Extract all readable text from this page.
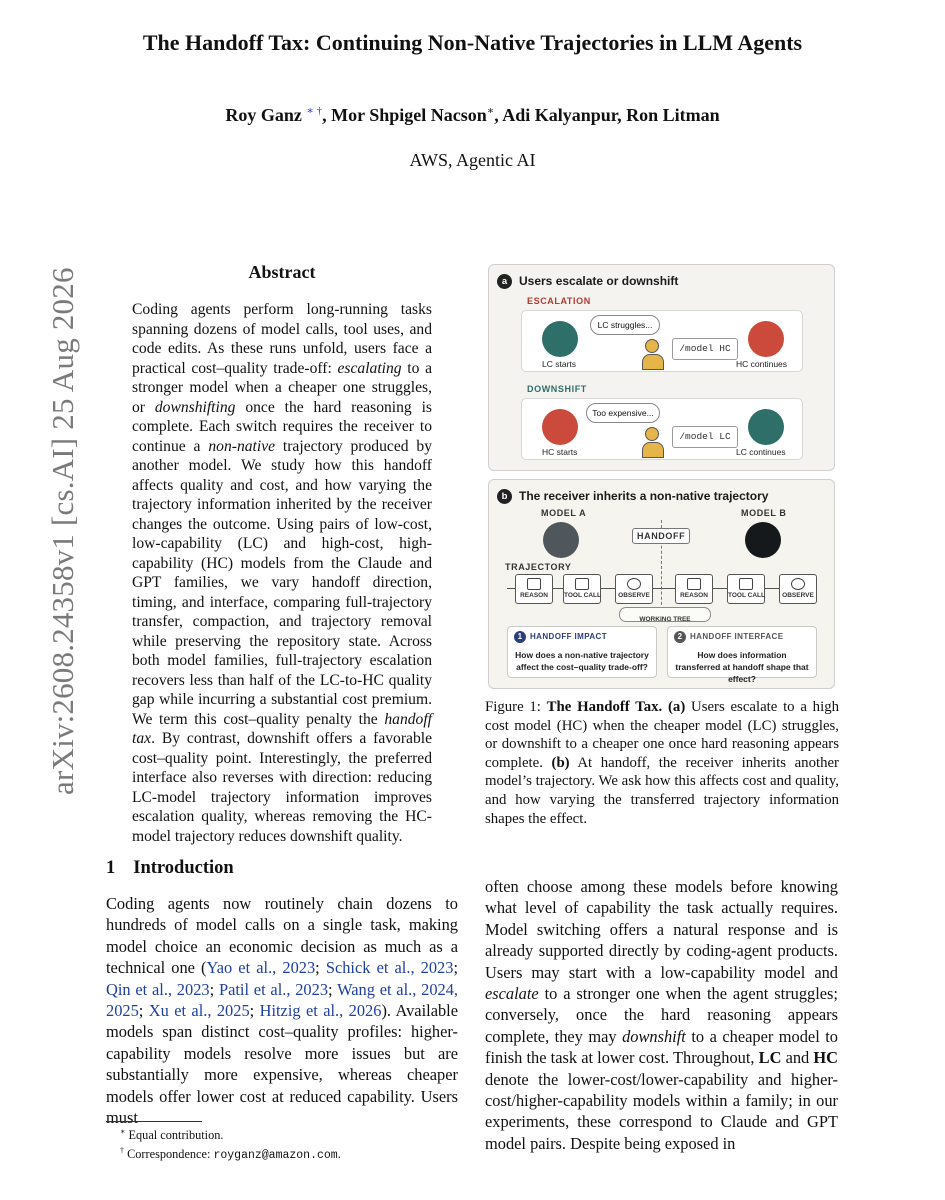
The Handoff Tax: Continuing Non-Native Trajectories in LLM Agents
Roy Ganz ∗ †, Mor Shpigel Nacson∗, Adi Kalyanpur, Ron Litman
AWS, Agentic AI
arXiv:2608.24358v1 [cs.AI] 25 Aug 2026	Abstract
Coding agents perform long-running tasks spanning dozens of model calls, tool uses, and code edits. As these runs unfold, users face a practical cost–quality trade-off: escalating to a stronger model when a cheaper one struggles, or downshifting once the hard reasoning is complete. Each switch requires the receiver to continue a non-native trajectory produced by another model. We study how this handoff affects quality and cost, and how varying the trajectory information inherited by the receiver changes the outcome. Using pairs of low-cost, low-capability (LC) and high-cost, high-capability (HC) models from the Claude and GPT families, we vary handoff direction, timing, and interface, comparing full-trajectory transfer, compaction, and trajectory removal while preserving the repository state. Across both model families, full-trajectory escalation recovers less than half of the LC-to-HC quality gap while incurring a substantial cost premium. We term this cost–quality penalty the handoff tax. By contrast, downshift offers a favorable cost–quality point. Interestingly, the preferred interface also reverses with direction: reducing LC-model trajectory information improves escalation quality, whereas removing the HC-model trajectory reduces downshift quality.
a Users escalate or downshift
ESCALATION
LC starts
LC struggles...
/model HC
HC continues
DOWNSHIFT
HC starts
Too expensive...
/model LC
LC continues
b The receiver inherits a non-native trajectory
MODEL A	MODEL B
HANDOFF
TRAJECTORY
REASON	TOOL CALL	OBSERVE	REASON	TOOL CALL	OBSERVE
WORKING TREE
1 HANDOFF IMPACT
How does a non-native trajectory affect the cost–quality trade-off?
2 HANDOFF INTERFACE
How does information transferred at handoff shape that effect?
Figure 1: The Handoff Tax. (a) Users escalate to a high cost model (HC) when the cheaper model (LC) struggles, or downshift to a cheaper one once hard reasoning appears complete. (b) At handoff, the receiver inherits another model’s trajectory. We ask how this affects cost and quality, and how varying the transferred trajectory information shapes the effect.
1 Introduction
Coding agents now routinely chain dozens to hundreds of model calls on a single task, making model choice an economic decision as much as a technical one (Yao et al., 2023; Schick et al., 2023; Qin et al., 2023; Patil et al., 2023; Wang et al., 2024, 2025; Xu et al., 2025; Hitzig et al., 2026). Available models span distinct cost–quality profiles: higher-capability models resolve more issues but are substantially more expensive, whereas cheaper models offer lower cost at reduced capability. Users must
often choose among these models before knowing what level of capability the task actually requires. Model switching offers a natural response and is already supported directly by coding-agent products. Users may start with a low-capability model and escalate to a stronger one when the agent struggles; conversely, once the hard reasoning appears complete, they may downshift to a cheaper model to finish the task at lower cost. Throughout, LC and HC denote the lower-cost/lower-capability and higher-cost/higher-capability models within a family; in our experiments, these correspond to Claude and GPT model pairs. Despite being exposed in
∗ Equal contribution.
† Correspondence: royganz@amazon.com.
